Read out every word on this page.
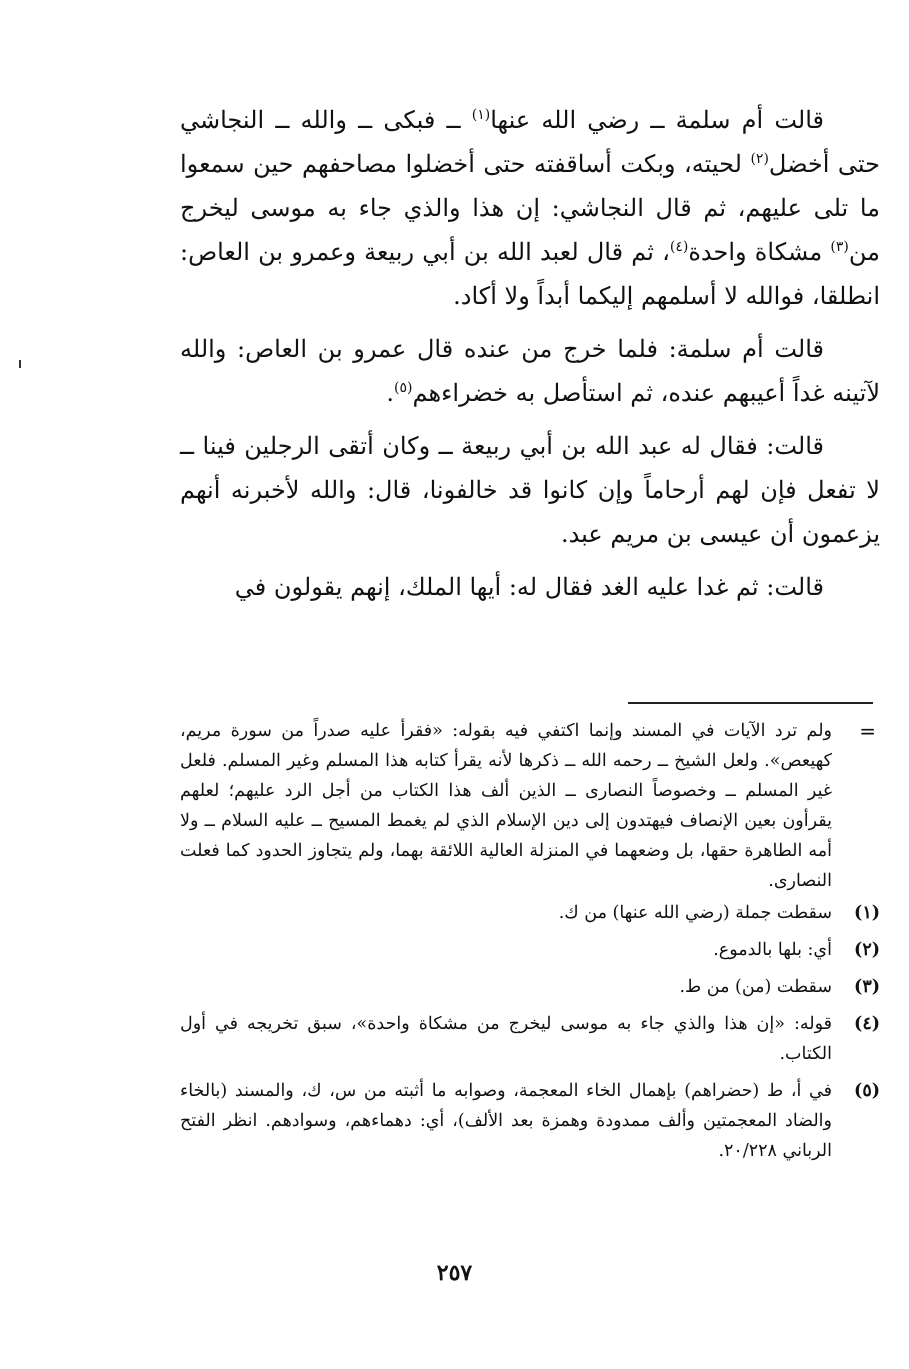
قالت أم سلمة ــ رضي الله عنها$^{(١)}$ ــ فبكى ــ والله ــ النجاشي حتى أخضل$^{(٢)}$ لحيته، وبكت أساقفته حتى أخضلوا مصاحفهم حين سمعوا ما تلى عليهم، ثم قال النجاشي: إن هذا والذي جاء به موسى ليخرج من$^{(٣)}$ مشكاة واحدة$^{(٤)}$، ثم قال لعبد الله بن أبي ربيعة وعمرو بن العاص: انطلقا، فوالله لا أسلمهم إليكما أبداً ولا أكاد.

قالت أم سلمة: فلما خرج من عنده قال عمرو بن العاص: والله لآتينه غداً أعيبهم عنده، ثم استأصل به خضراءهم$^{(٥)}$.

قالت: فقال له عبد الله بن أبي ربيعة ــ وكان أتقى الرجلين فينا ــ لا تفعل فإن لهم أرحاماً وإن كانوا قد خالفونا، قال: والله لأخبرنه أنهم يزعمون أن عيسى بن مريم عبد.

قالت: ثم غدا عليه الغد فقال له: أيها الملك، إنهم يقولون في

=
ولم ترد الآيات في المسند وإنما اكتفي فيه بقوله: «فقرأ عليه صدراً من سورة مريم، كهيعص». ولعل الشيخ ــ رحمه الله ــ ذكرها لأنه يقرأ كتابه هذا المسلم وغير المسلم. فلعل غير المسلم ــ وخصوصاً النصارى ــ الذين ألف هذا الكتاب من أجل الرد عليهم؛ لعلهم يقرأون بعين الإنصاف فيهتدون إلى دين الإسلام الذي لم يغمط المسيح ــ عليه السلام ــ ولا أمه الطاهرة حقها، بل وضعهما في المنزلة العالية اللائقة بهما، ولم يتجاوز الحدود كما فعلت النصارى.
(١)
سقطت جملة (رضي الله عنها) من ك.
(٢)
أي: بلها بالدموع.
(٣)
سقطت (من) من ط.
(٤)
قوله: «إن هذا والذي جاء به موسى ليخرج من مشكاة واحدة»، سبق تخريجه في أول الكتاب.
(٥)
في أ، ط (حضراهم) بإهمال الخاء المعجمة، وصوابه ما أثبته من س، ك، والمسند (بالخاء والضاد المعجمتين وألف ممدودة وهمزة بعد الألف)، أي: دهماءهم، وسوادهم. انظر الفتح الرباني ٢٠/٢٢٨.
٢٥٧
